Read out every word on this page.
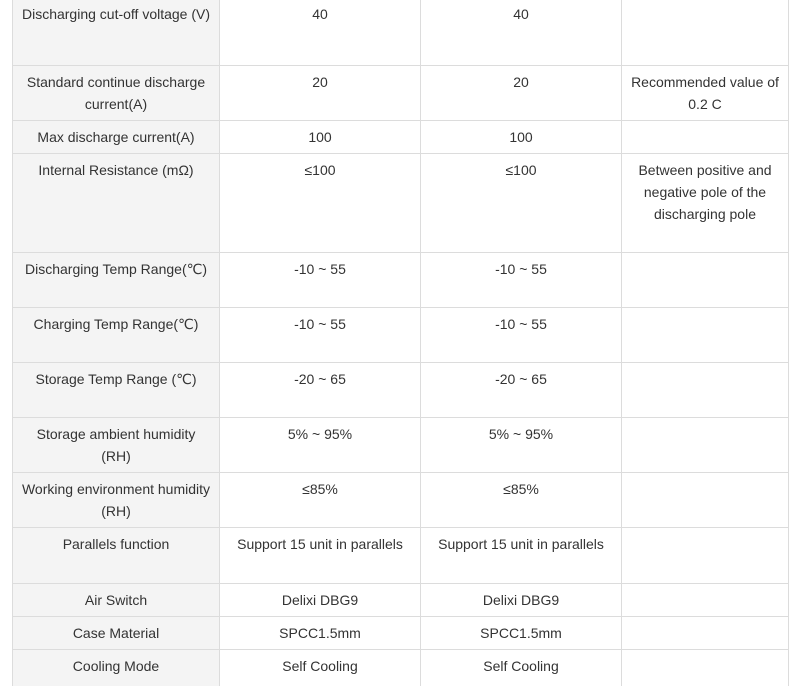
Discharging cut-off voltage (V)	40	40	
Standard continue discharge current(A)	20	20	Recommended value of 0.2 C
Max discharge current(A)	100	100	
Internal Resistance (mΩ)	≤100	≤100	Between positive and negative pole of the discharging pole
Discharging Temp Range(℃)	-10 ~ 55	-10 ~ 55	
Charging Temp Range(℃)	-10 ~ 55	-10 ~ 55	
Storage Temp Range (℃)	-20 ~ 65	-20 ~ 65	
Storage ambient humidity (RH)	5% ~ 95%	5% ~ 95%	
Working environment humidity (RH)	≤85%	≤85%	
Parallels function	Support 15 unit in parallels	Support 15 unit in parallels	
Air Switch	Delixi DBG9	Delixi DBG9	
Case Material	SPCC1.5mm	SPCC1.5mm	
Cooling Mode	Self Cooling	Self Cooling	
